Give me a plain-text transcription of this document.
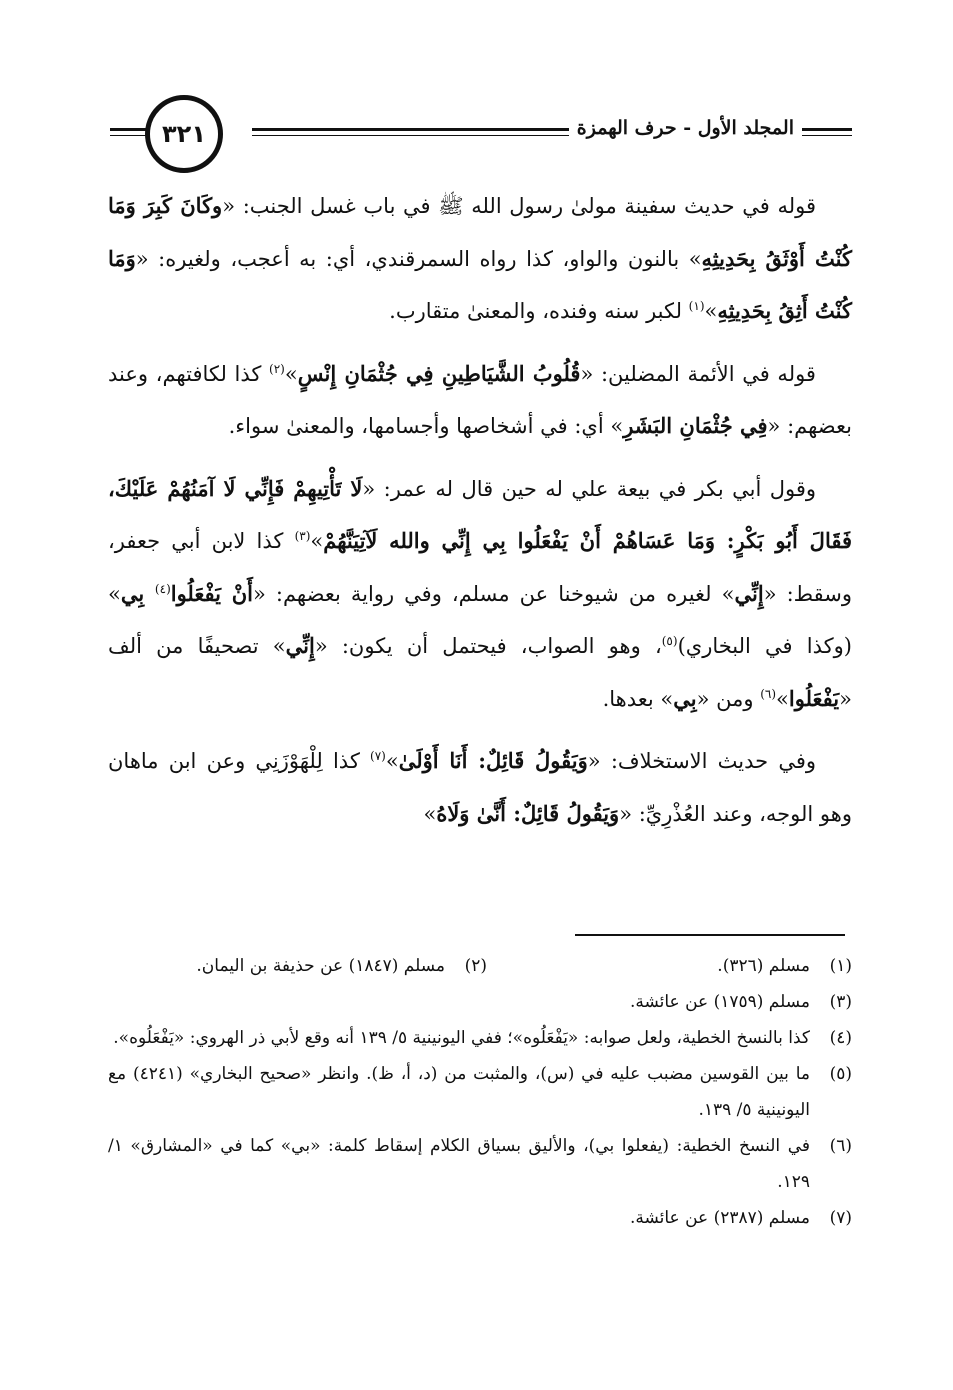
المجلد الأول - حرف الهمزة
٣٢١

قوله في حديث سفينة مولىٰ رسول الله ﷺ في باب غسل الجنب: «وكَانَ كَبِرَ وَمَا كُنْتُ أَوْثَقُ بِحَدِيثِهِ» بالنون والواو، كذا رواه السمرقندي، أي: به أعجب، ولغيره: «وَمَا كُنْتُ أَثِقُ بِحَدِيثِهِ»$^{(١)}$ لكبر سنه وفنده، والمعنىٰ متقارب.

قوله في الأئمة المضلين: «قُلُوبُ الشَّيَاطِينِ فِي جُثْمَانِ إِنْسٍ»$^{(٢)}$ كذا لكافتهم، وعند بعضهم: «فِي جُثْمَانِ البَشَرِ» أي: في أشخاصها وأجسامها، والمعنىٰ سواء.

وقول أبي بكر في بيعة علي له حين قال له عمر: «لَا تَأْتِيهِمْ فَإِنِّي لَا آمَنُهُمْ عَلَيْكَ، فَقَالَ أَبُو بَكْرٍ: وَمَا عَسَاهُمْ أَنْ يَفْعَلُوا بِي إِنِّي والله لَآتِيَنَّهُمْ»$^{(٣)}$ كذا لابن أبي جعفر، وسقط: «إِنِّي» لغيره من شيوخنا عن مسلم، وفي رواية بعضهم: «أَنْ يَفْعَلُوا$^{(٤)}$ بِي» (وكذا في البخاري)$^{(٥)}$، وهو الصواب، فيحتمل أن يكون: «إِنِّي» تصحيفًا من ألف «يَفْعَلُوا»$^{(٦)}$ ومن «بِي» بعدها.

وفي حديث الاستخلاف: «وَيَقُولُ قَائِلٌ: أَنَا أَوْلَىٰ»$^{(٧)}$ كذا لِلْهَوْزَنِي وعن ابن ماهان وهو الوجه، وعند العُذْرِيِّ: «وَيَقُولُ قَائِلٌ: أَنَّىٰ وَلَاهُ»

(١)
مسلم (٣٢٦).
(٢)
مسلم (١٨٤٧) عن حذيفة بن اليمان.
(٣)
مسلم (١٧٥٩) عن عائشة.
(٤)
كذا بالنسخ الخطية، ولعل صوابه: «يَفْعَلُوه»؛ ففي اليونينية ٥/ ١٣٩ أنه وقع لأبي ذر الهروي: «يَفْعَلُوه».
(٥)
ما بين القوسين مضبب عليه في (س)، والمثبت من (د، أ، ظ). وانظر «صحيح البخاري» (٤٢٤١) مع اليونينية ٥/ ١٣٩.
(٦)
في النسخ الخطية: (يفعلوا بي)، والأليق بسياق الكلام إسقاط كلمة: «بي» كما في «المشارق» ١/ ١٢٩.
(٧)
مسلم (٢٣٨٧) عن عائشة.
